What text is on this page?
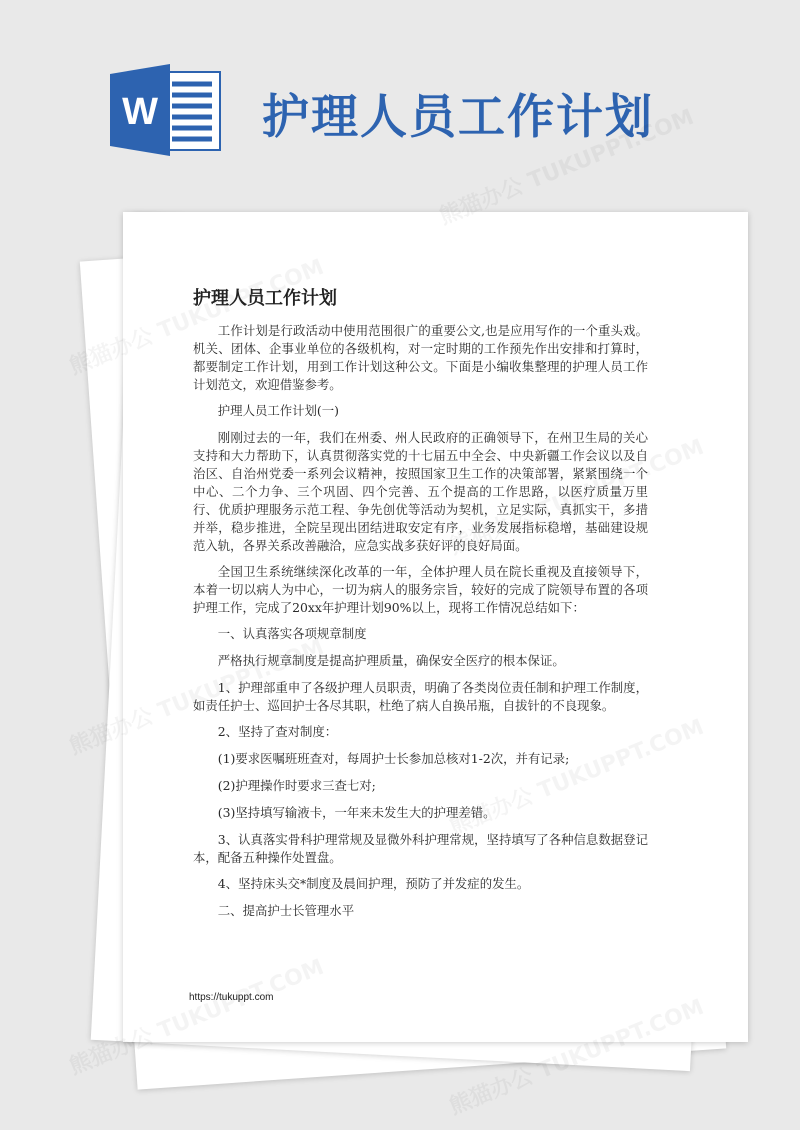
W 护理人员工作计划
护理人员工作计划

工作计划是行政活动中使用范围很广的重要公文,也是应用写作的一个重头戏。机关、团体、企事业单位的各级机构，对一定时期的工作预先作出安排和打算时，都要制定工作计划，用到工作计划这种公文。下面是小编收集整理的护理人员工作计划范文，欢迎借鉴参考。

护理人员工作计划(一)

刚刚过去的一年，我们在州委、州人民政府的正确领导下，在州卫生局的关心支持和大力帮助下，认真贯彻落实党的十七届五中全会、中央新疆工作会议以及自治区、自治州党委一系列会议精神，按照国家卫生工作的决策部署，紧紧围绕一个中心、二个力争、三个巩固、四个完善、五个提高的工作思路，以医疗质量万里行、优质护理服务示范工程、争先创优等活动为契机，立足实际，真抓实干，多措并举，稳步推进，全院呈现出团结进取安定有序，业务发展指标稳增，基础建设规范入轨，各界关系改善融洽，应急实战多获好评的良好局面。

全国卫生系统继续深化改革的一年，全体护理人员在院长重视及直接领导下，本着一切以病人为中心，一切为病人的服务宗旨，较好的完成了院领导布置的各项护理工作，完成了20xx年护理计划90%以上，现将工作情况总结如下：

一、认真落实各项规章制度

严格执行规章制度是提高护理质量，确保安全医疗的根本保证。

1、护理部重申了各级护理人员职责，明确了各类岗位责任制和护理工作制度，如责任护士、巡回护士各尽其职，杜绝了病人自换吊瓶，自拔针的不良现象。

2、坚持了查对制度：

(1)要求医嘱班班查对，每周护士长参加总核对1-2次，并有记录;

(2)护理操作时要求三查七对;

(3)坚持填写输液卡，一年来未发生大的护理差错。

3、认真落实骨科护理常规及显微外科护理常规，坚持填写了各种信息数据登记本，配备五种操作处置盘。

4、坚持床头交*制度及晨间护理，预防了并发症的发生。

二、提高护士长管理水平

https://tukuppt.com
